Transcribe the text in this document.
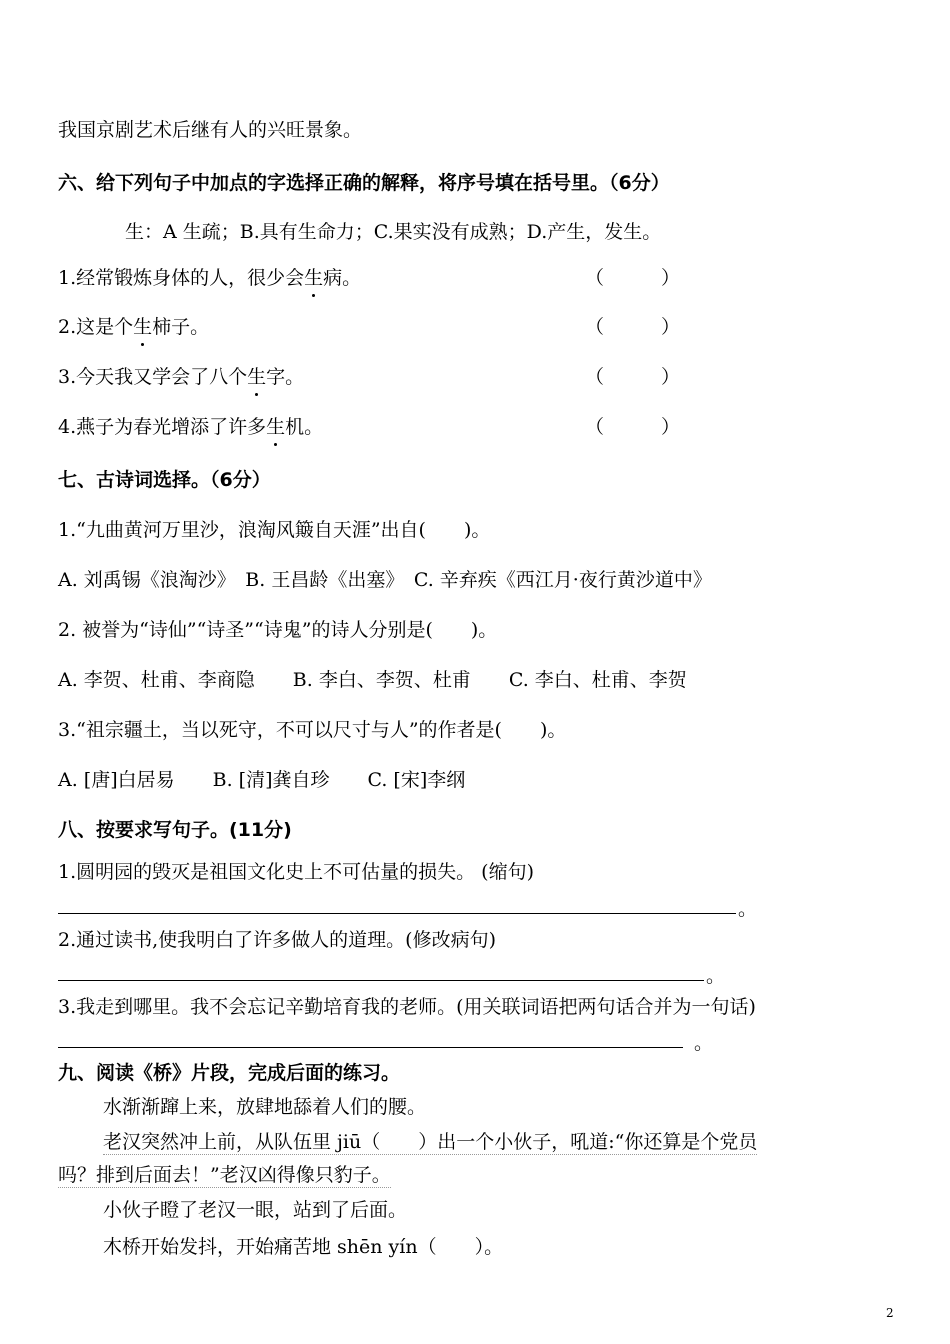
我国京剧艺术后继有人的兴旺景象。
六、给下列句子中加点的字选择正确的解释，将序号填在括号里。（6分）
生：A 生疏；B.具有生命力；C.果实没有成熟；D.产生，发生。
1.经常锻炼身体的人，很少会生病。	（　　　）
2.这是个生柿子。	（　　　）
3.今天我又学会了八个生字。	（　　　）
4.燕子为春光增添了许多生机。	（　　　）
七、古诗词选择。（6分）
1.“九曲黄河万里沙，浪淘风簸自天涯”出自(　　)。
A. 刘禹锡《浪淘沙》　B. 王昌龄《出塞》　C. 辛弃疾《西江月·夜行黄沙道中》
2. 被誉为“诗仙”“诗圣”“诗鬼”的诗人分别是(　　)。
A. 李贺、杜甫、李商隐　　B. 李白、李贺、杜甫　　C. 李白、杜甫、李贺
3.“祖宗疆土，当以死守，不可以尺寸与人”的作者是(　　)。
A. [唐]白居易　　B. [清]龚自珍　　C. [宋]李纲
八、按要求写句子。(11分)
1.圆明园的毁灭是祖国文化史上不可估量的损失。 (缩句)
。
2.通过读书,使我明白了许多做人的道理。(修改病句)
。
3.我走到哪里。我不会忘记辛勤培育我的老师。(用关联词语把两句话合并为一句话)
。
九、阅读《桥》片段，完成后面的练习。
水渐渐蹿上来，放肆地舔着人们的腰。
老汉突然冲上前，从队伍里 jiū（　　）出一个小伙子，吼道:“你还算是个党员
吗？排到后面去！”老汉凶得像只豹子。
小伙子瞪了老汉一眼，站到了后面。
木桥开始发抖，开始痛苦地 shēn yín（　　）。
2
